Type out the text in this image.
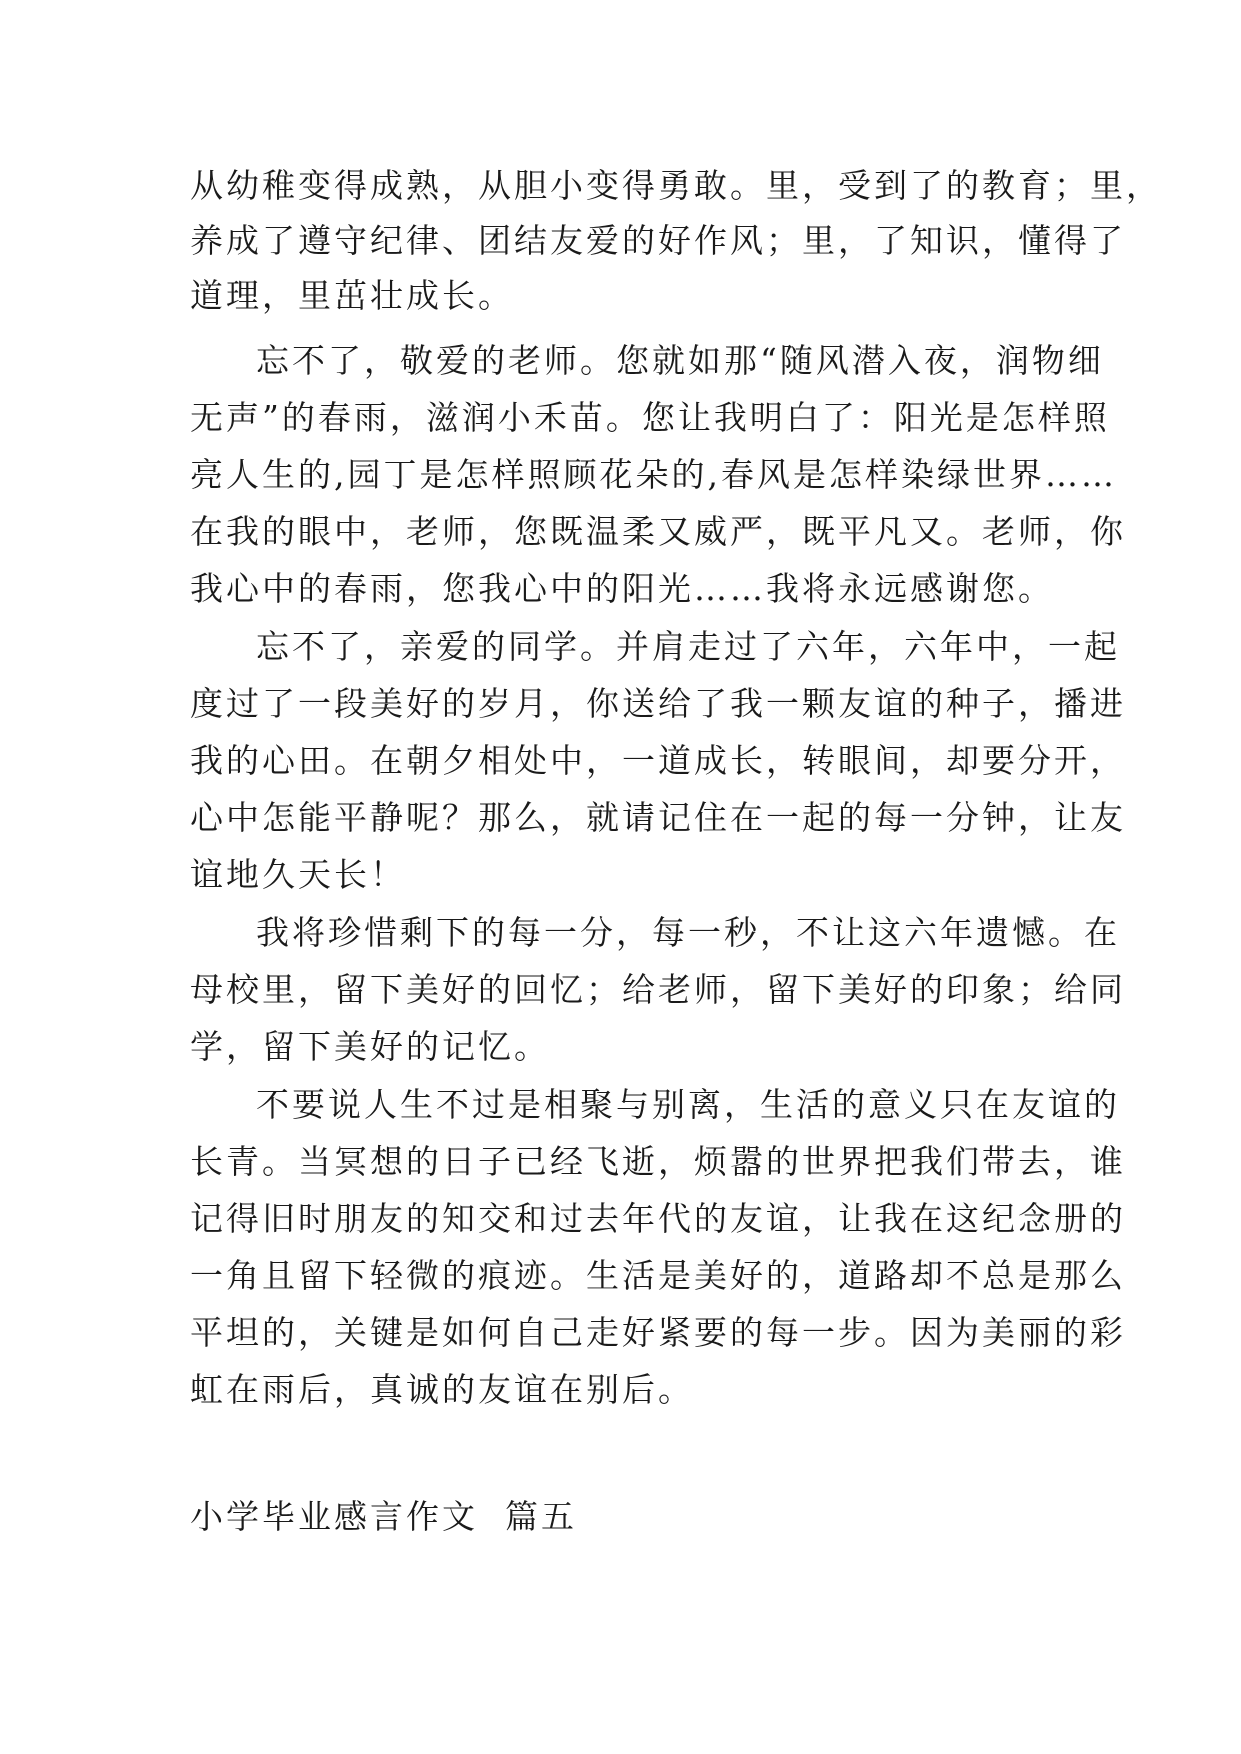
从幼稚变得成熟，从胆小变得勇敢。里，受到了的教育；里，
养成了遵守纪律、团结友爱的好作风；里，了知识，懂得了
道理，里茁壮成长。
忘不了，敬爱的老师。您就如那“随风潜入夜，润物细
无声”的春雨，滋润小禾苗。您让我明白了：阳光是怎样照
亮人生的,园丁是怎样照顾花朵的,春风是怎样染绿世界……
在我的眼中，老师，您既温柔又威严，既平凡又。老师，你
我心中的春雨，您我心中的阳光……我将永远感谢您。
忘不了，亲爱的同学。并肩走过了六年，六年中，一起
度过了一段美好的岁月，你送给了我一颗友谊的种子，播进
我的心田。在朝夕相处中，一道成长，转眼间，却要分开，
心中怎能平静呢？那么，就请记住在一起的每一分钟，让友
谊地久天长！
我将珍惜剩下的每一分，每一秒，不让这六年遗憾。在
母校里，留下美好的回忆；给老师，留下美好的印象；给同
学，留下美好的记忆。
不要说人生不过是相聚与别离，生活的意义只在友谊的
长青。当冥想的日子已经飞逝，烦嚣的世界把我们带去，谁
记得旧时朋友的知交和过去年代的友谊，让我在这纪念册的
一角且留下轻微的痕迹。生活是美好的，道路却不总是那么
平坦的，关键是如何自己走好紧要的每一步。因为美丽的彩
虹在雨后，真诚的友谊在别后。
小学毕业感言作文  篇五
